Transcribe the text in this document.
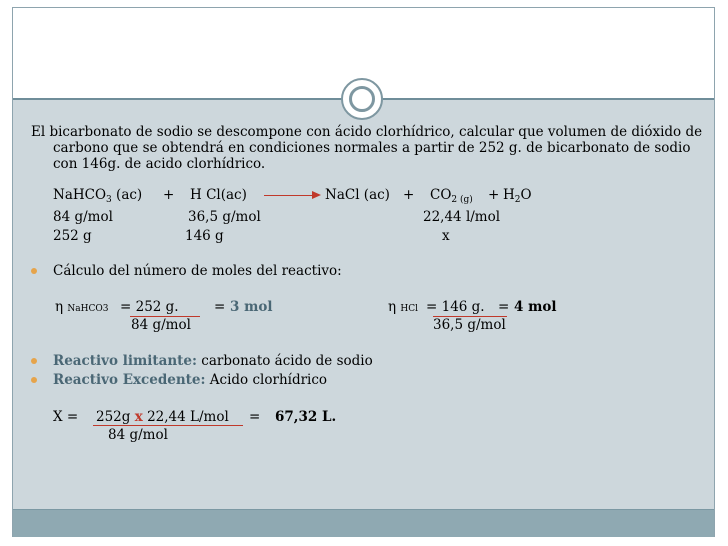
El bicarbonato de sodio se descompone con ácido clorhídrico, calcular que volumen de dióxido de
carbono que se obtendrá en condiciones normales a partir de 252 g. de bicarbonato de sodio
con 146g. de acido clorhídrico.
NaHCO$_3$ (ac) + H Cl(ac)	NaCl $(ac) + CO_{2 (g)} + H_2O$
84 g/mol	36,5 g/mol	22,44 l/mol
252 g	146 g	x
Cálculo del número de moles del reactivo:
η NaHCO3 = 252 g.
84 g/mol
= 3 mol	η HCl = 146 g. = 4 mol
36,5 g/mol
Reactivo limitante: carbonato ácido de sodio
Reactivo Excedente: Acido clorhídrico
X = 252g x 22,44 L/mol
84 g/mol
= 67,32 L.
